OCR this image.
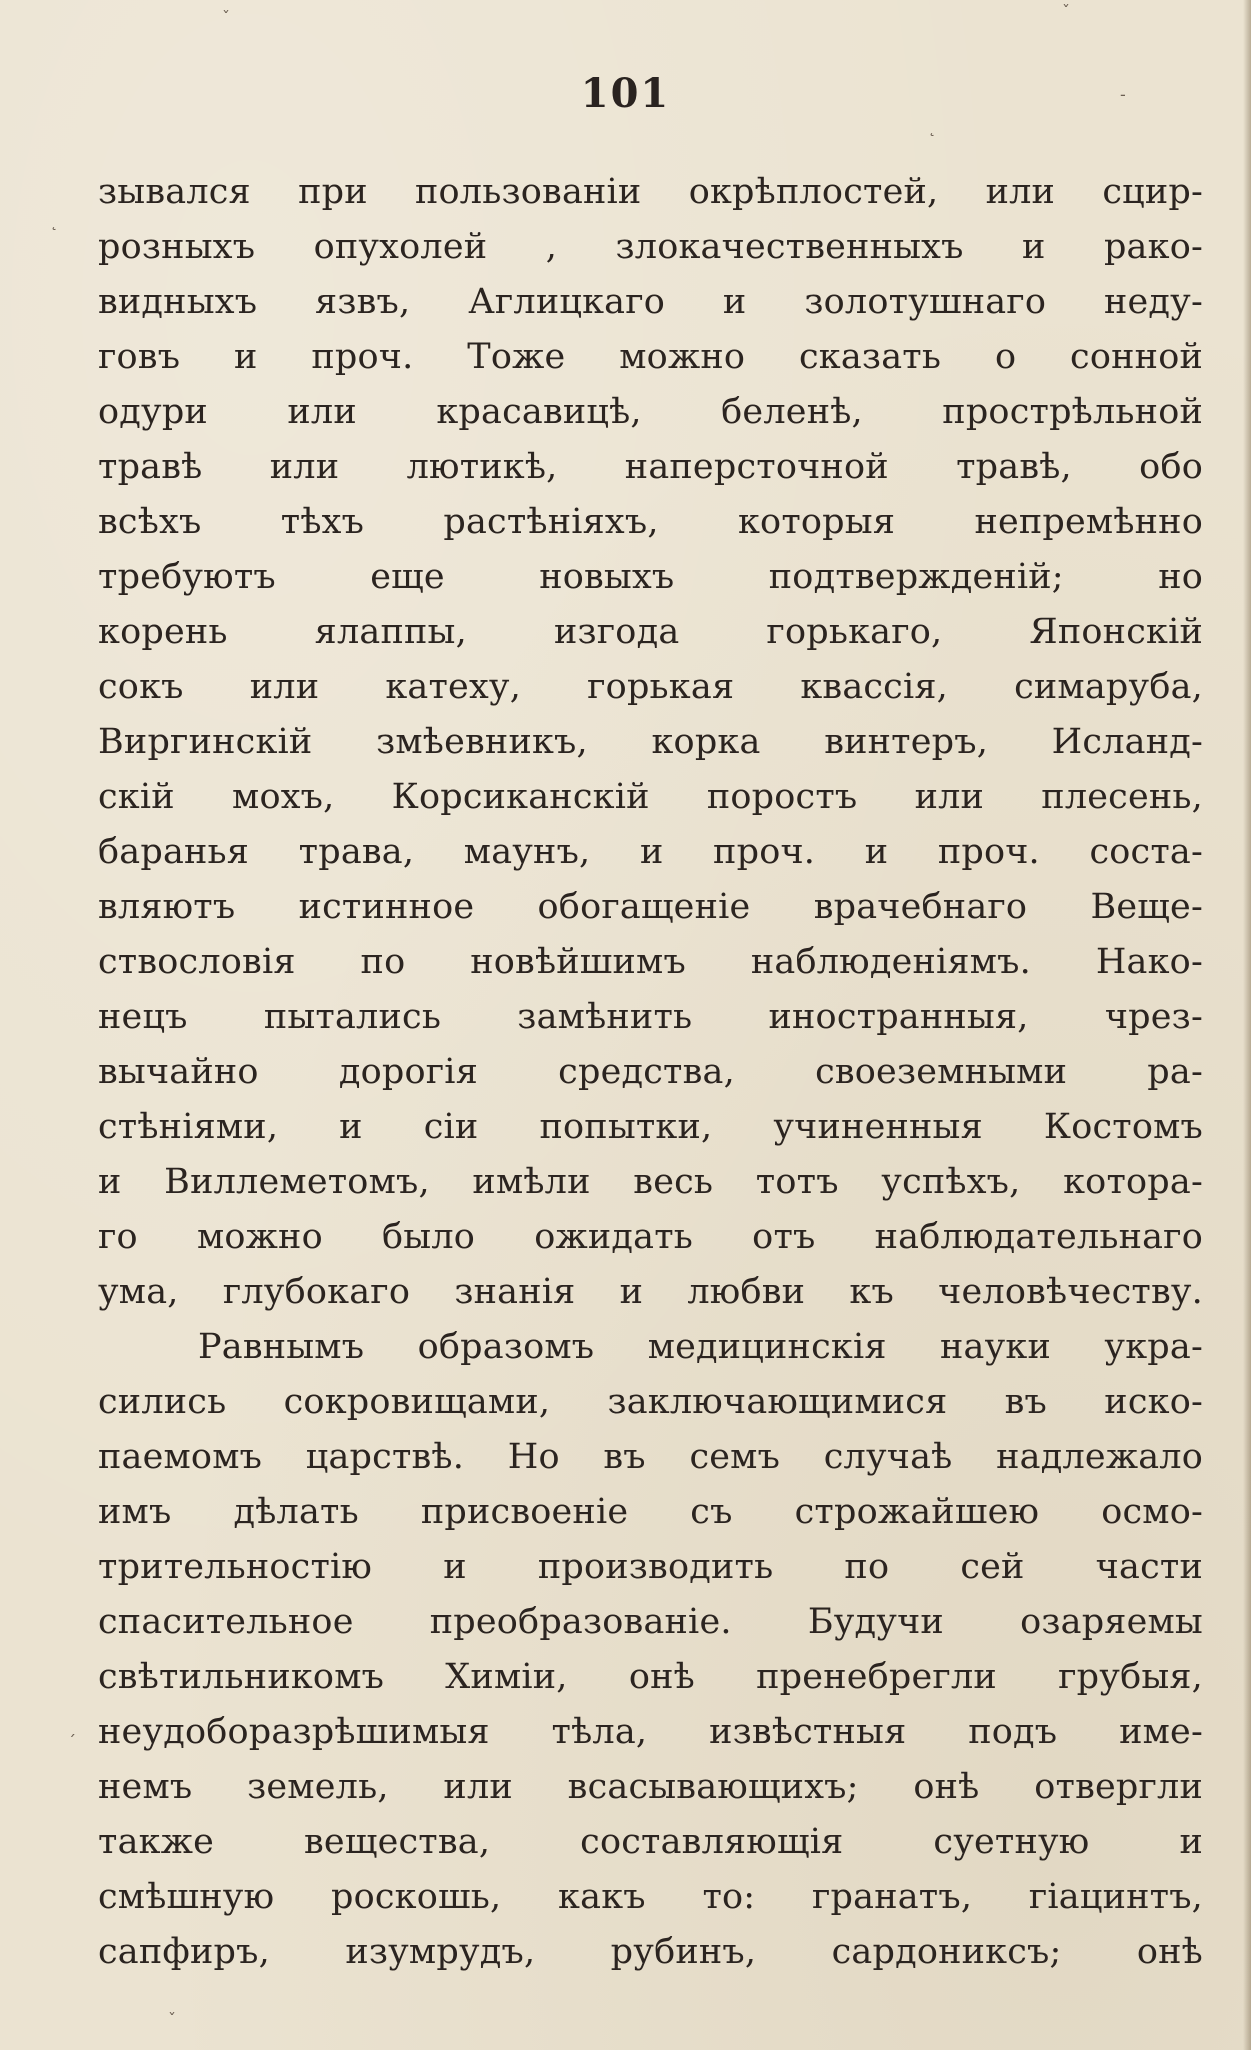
101
зывался при пользованіи окрѣплостей, или сцир-
розныхъ опухолей , злокачественныхъ и рако-
видныхъ язвъ, Аглицкаго и золотушнаго неду-
говъ и проч. Тоже можно сказать о сонной
одури или красавицѣ, беленѣ, прострѣльной
травѣ или лютикѣ, наперсточной травѣ, обо
всѣхъ тѣхъ растѣніяхъ, которыя непремѣнно
требуютъ еще новыхъ подтвержденій; но
корень ялаппы, изгода горькаго, Японскій
сокъ или катеху, горькая квассія, симаруба,
Виргинскій змѣевникъ, корка винтеръ, Исланд-
скій мохъ, Корсиканскій поростъ или плесень,
баранья трава, маунъ, и проч. и проч. соста-
вляютъ истинное обогащеніе врачебнаго Веще-
ствословія по новѣйшимъ наблюденіямъ. Нако-
нецъ пытались замѣнить иностранныя, чрез-
вычайно дорогія средства, своеземными ра-
стѣніями, и сіи попытки, учиненныя Костомъ
и Виллеметомъ, имѣли весь тотъ успѣхъ, котора-
го можно было ожидать отъ наблюдательнаго
ума, глубокаго знанія и любви къ человѣчеству.
Равнымъ образомъ медицинскія науки укра-
сились сокровищами, заключающимися въ иско-
паемомъ царствѣ. Но въ семъ случаѣ надлежало
имъ дѣлать присвоеніе съ строжайшею осмо-
трительностію и производить по сей части
спасительное преобразованіе. Будучи озаряемы
свѣтильникомъ Химіи, онѣ пренебрегли грубыя,
неудоборазрѣшимыя тѣла, извѣстныя подъ име-
немъ земель, или всасывающихъ; онѣ отвергли
также вещества, составляющія суетную и
смѣшную роскошь, какъ то: гранатъ, гіацинтъ,
сапфиръ, изумрудъ, рубинъ, сардониксъ; онѣ
ˇ	ˇ
˛
-
˛
ˏ
ˇ
